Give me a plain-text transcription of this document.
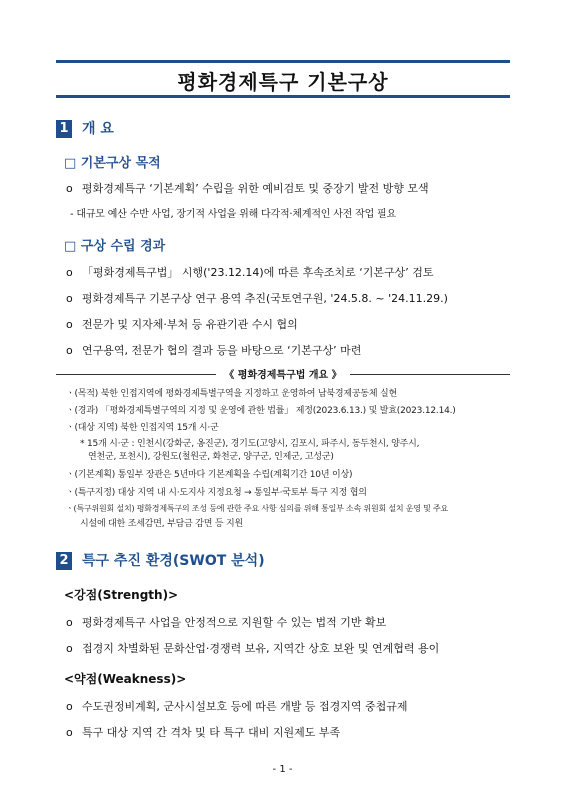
평화경제특구 기본구상
1 개 요
□ 기본구상 목적
o 평화경제특구 ‘기본계획’ 수립을 위한 예비검토 및 중장기 발전 방향 모색
- 대규모 예산 수반 사업, 장기적 사업을 위해 다각적·체계적인 사전 작업 필요
□ 구상 수립 경과
o 「평화경제특구법」 시행('23.12.14)에 따른 후속조치로 ‘기본구상’ 검토
o 평화경제특구 기본구상 연구 용역 추진(국토연구원, '24.5.8. ~ '24.11.29.)
o 전문가 및 지자체·부처 등 유관기관 수시 협의
o 연구용역, 전문가 협의 결과 등을 바탕으로 ‘기본구상’ 마련
《 평화경제특구법 개요 》
ㆍ(목적) 북한 인접지역에 평화경제특별구역을 지정하고 운영하여 남북경제공동체 실현
ㆍ(경과) 「평화경제특별구역의 지정 및 운영에 관한 법률」 제정(2023.6.13.) 및 발효(2023.12.14.)
ㆍ(대상 지역) 북한 인접지역 15개 시·군
* 15개 시·군 : 인천시(강화군, 옹진군), 경기도(고양시, 김포시, 파주시, 동두천시, 양주시,
연천군, 포천시), 강원도(철원군, 화천군, 양구군, 인제군, 고성군)
ㆍ(기본계획) 통일부 장관은 5년마다 기본계획을 수립(계획기간 10년 이상)
ㆍ(특구지정) 대상 지역 내 시·도지사 지정요청 → 통일부·국토부 특구 지정 협의
ㆍ(특구위원회 설치) 평화경제특구의 조성 등에 관한 주요 사항 심의를 위해 통일부 소속 위원회 설치 운영 및 주요
시설에 대한 조세감면, 부담금 감면 등 지원
2 특구 추진 환경(SWOT 분석)
<강점(Strength)>
o 평화경제특구 사업을 안정적으로 지원할 수 있는 법적 기반 확보
o 접경지 차별화된 문화산업·경쟁력 보유, 지역간 상호 보완 및 연계협력 용이
<약점(Weakness)>
o 수도권정비계획, 군사시설보호 등에 따른 개발 등 접경지역 중첩규제
o 특구 대상 지역 간 격차 및 타 특구 대비 지원제도 부족
- 1 -
